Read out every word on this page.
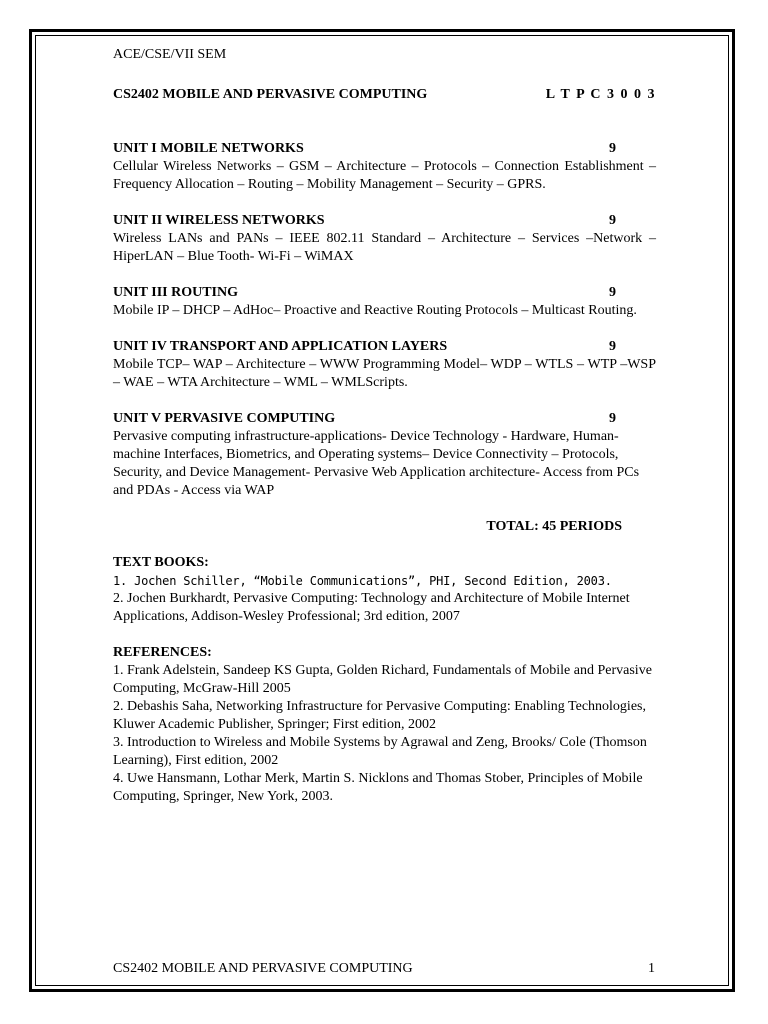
ACE/CSE/VII SEM
CS2402 MOBILE AND PERVASIVE COMPUTING	L T P C 3 0 0 3
UNIT I MOBILE NETWORKS	9
Cellular Wireless Networks – GSM – Architecture – Protocols – Connection Establishment – Frequency Allocation – Routing – Mobility Management – Security – GPRS.
UNIT II WIRELESS NETWORKS	9
Wireless LANs and PANs – IEEE 802.11 Standard – Architecture – Services –Network – HiperLAN – Blue Tooth- Wi-Fi – WiMAX
UNIT III ROUTING	9
Mobile IP – DHCP – AdHoc– Proactive and Reactive Routing Protocols – Multicast Routing.
UNIT IV TRANSPORT AND APPLICATION LAYERS	9
Mobile TCP– WAP – Architecture – WWW Programming Model– WDP – WTLS – WTP –WSP – WAE – WTA Architecture – WML – WMLScripts.
UNIT V PERVASIVE COMPUTING	9
Pervasive computing infrastructure-applications- Device Technology - Hardware, Human-machine Interfaces, Biometrics, and Operating systems– Device Connectivity – Protocols, Security, and Device Management- Pervasive Web Application architecture- Access from PCs and PDAs - Access via WAP
TOTAL: 45 PERIODS
TEXT BOOKS:
1. Jochen Schiller, “Mobile Communications”, PHI, Second Edition, 2003.
2. Jochen Burkhardt, Pervasive Computing: Technology and Architecture of Mobile Internet Applications, Addison-Wesley Professional; 3rd edition, 2007
REFERENCES:
1. Frank Adelstein, Sandeep KS Gupta, Golden Richard, Fundamentals of Mobile and Pervasive Computing, McGraw-Hill 2005
2. Debashis Saha, Networking Infrastructure for Pervasive Computing: Enabling Technologies, Kluwer Academic Publisher, Springer; First edition, 2002
3. Introduction to Wireless and Mobile Systems by Agrawal and Zeng, Brooks/ Cole (Thomson Learning), First edition, 2002
4. Uwe Hansmann, Lothar Merk, Martin S. Nicklons and Thomas Stober, Principles of Mobile Computing, Springer, New York, 2003.
CS2402 MOBILE AND PERVASIVE COMPUTING	1
